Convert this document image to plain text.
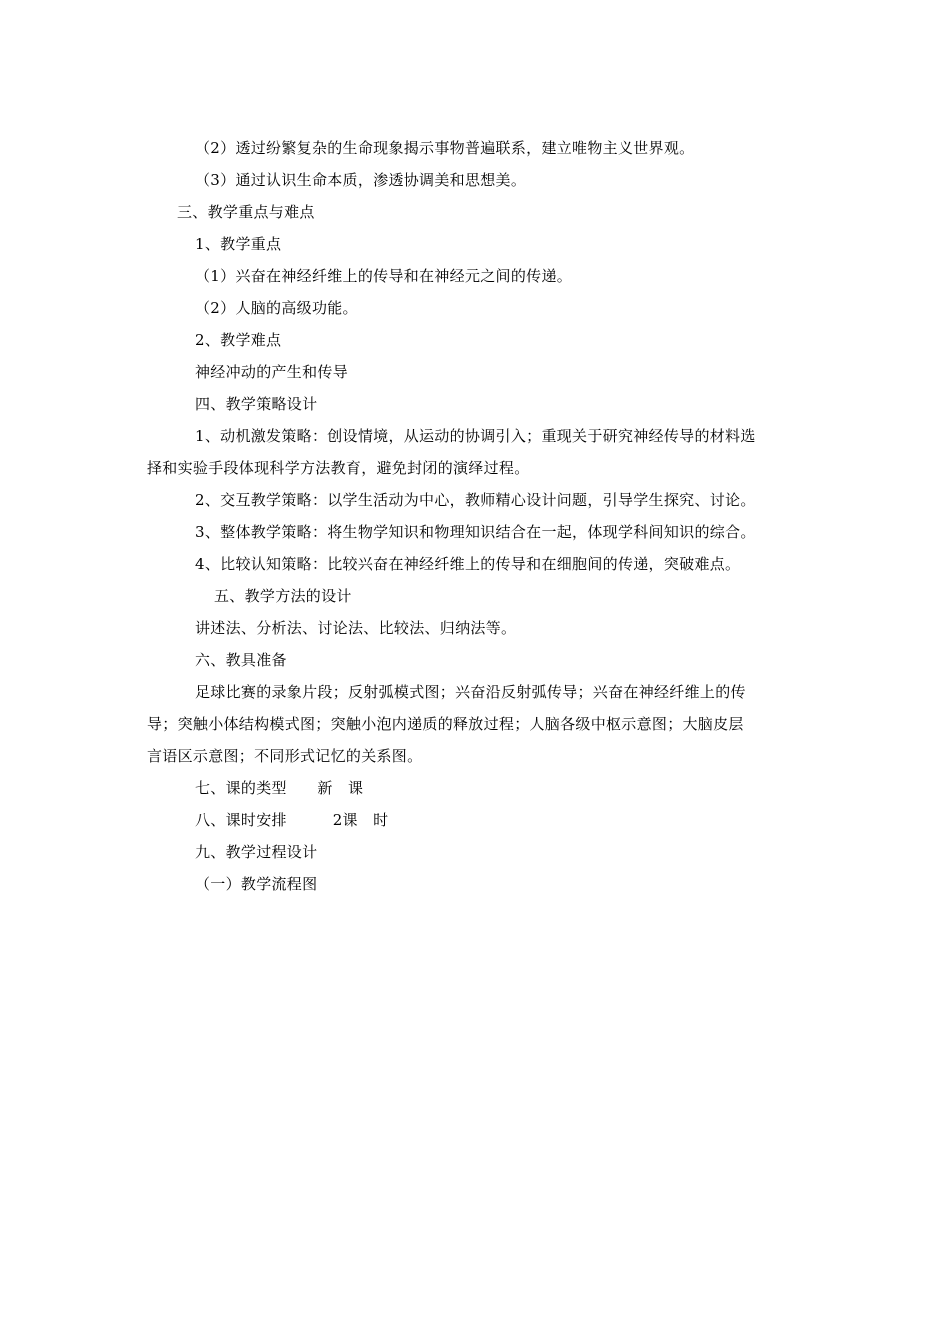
（2）透过纷繁复杂的生命现象揭示事物普遍联系，建立唯物主义世界观。
（3）通过认识生命本质，渗透协调美和思想美。
三、教学重点与难点
1、教学重点
（1）兴奋在神经纤维上的传导和在神经元之间的传递。
（2）人脑的高级功能。
2、教学难点
神经冲动的产生和传导
四、教学策略设计
1、动机激发策略：创设情境，从运动的协调引入；重现关于研究神经传导的材料选
择和实验手段体现科学方法教育，避免封闭的演绎过程。
2、交互教学策略：以学生活动为中心，教师精心设计问题，引导学生探究、讨论。
3、整体教学策略：将生物学知识和物理知识结合在一起，体现学科间知识的综合。
4、比较认知策略：比较兴奋在神经纤维上的传导和在细胞间的传递，突破难点。
五、教学方法的设计
讲述法、分析法、讨论法、比较法、归纳法等。
六、教具准备
足球比赛的录象片段；反射弧模式图；兴奋沿反射弧传导；兴奋在神经纤维上的传
导；突触小体结构模式图；突触小泡内递质的释放过程；人脑各级中枢示意图；大脑皮层
言语区示意图；不同形式记忆的关系图。
七、课的类型　　新　课
八、课时安排　　　2课　时
九、教学过程设计
（一）教学流程图
